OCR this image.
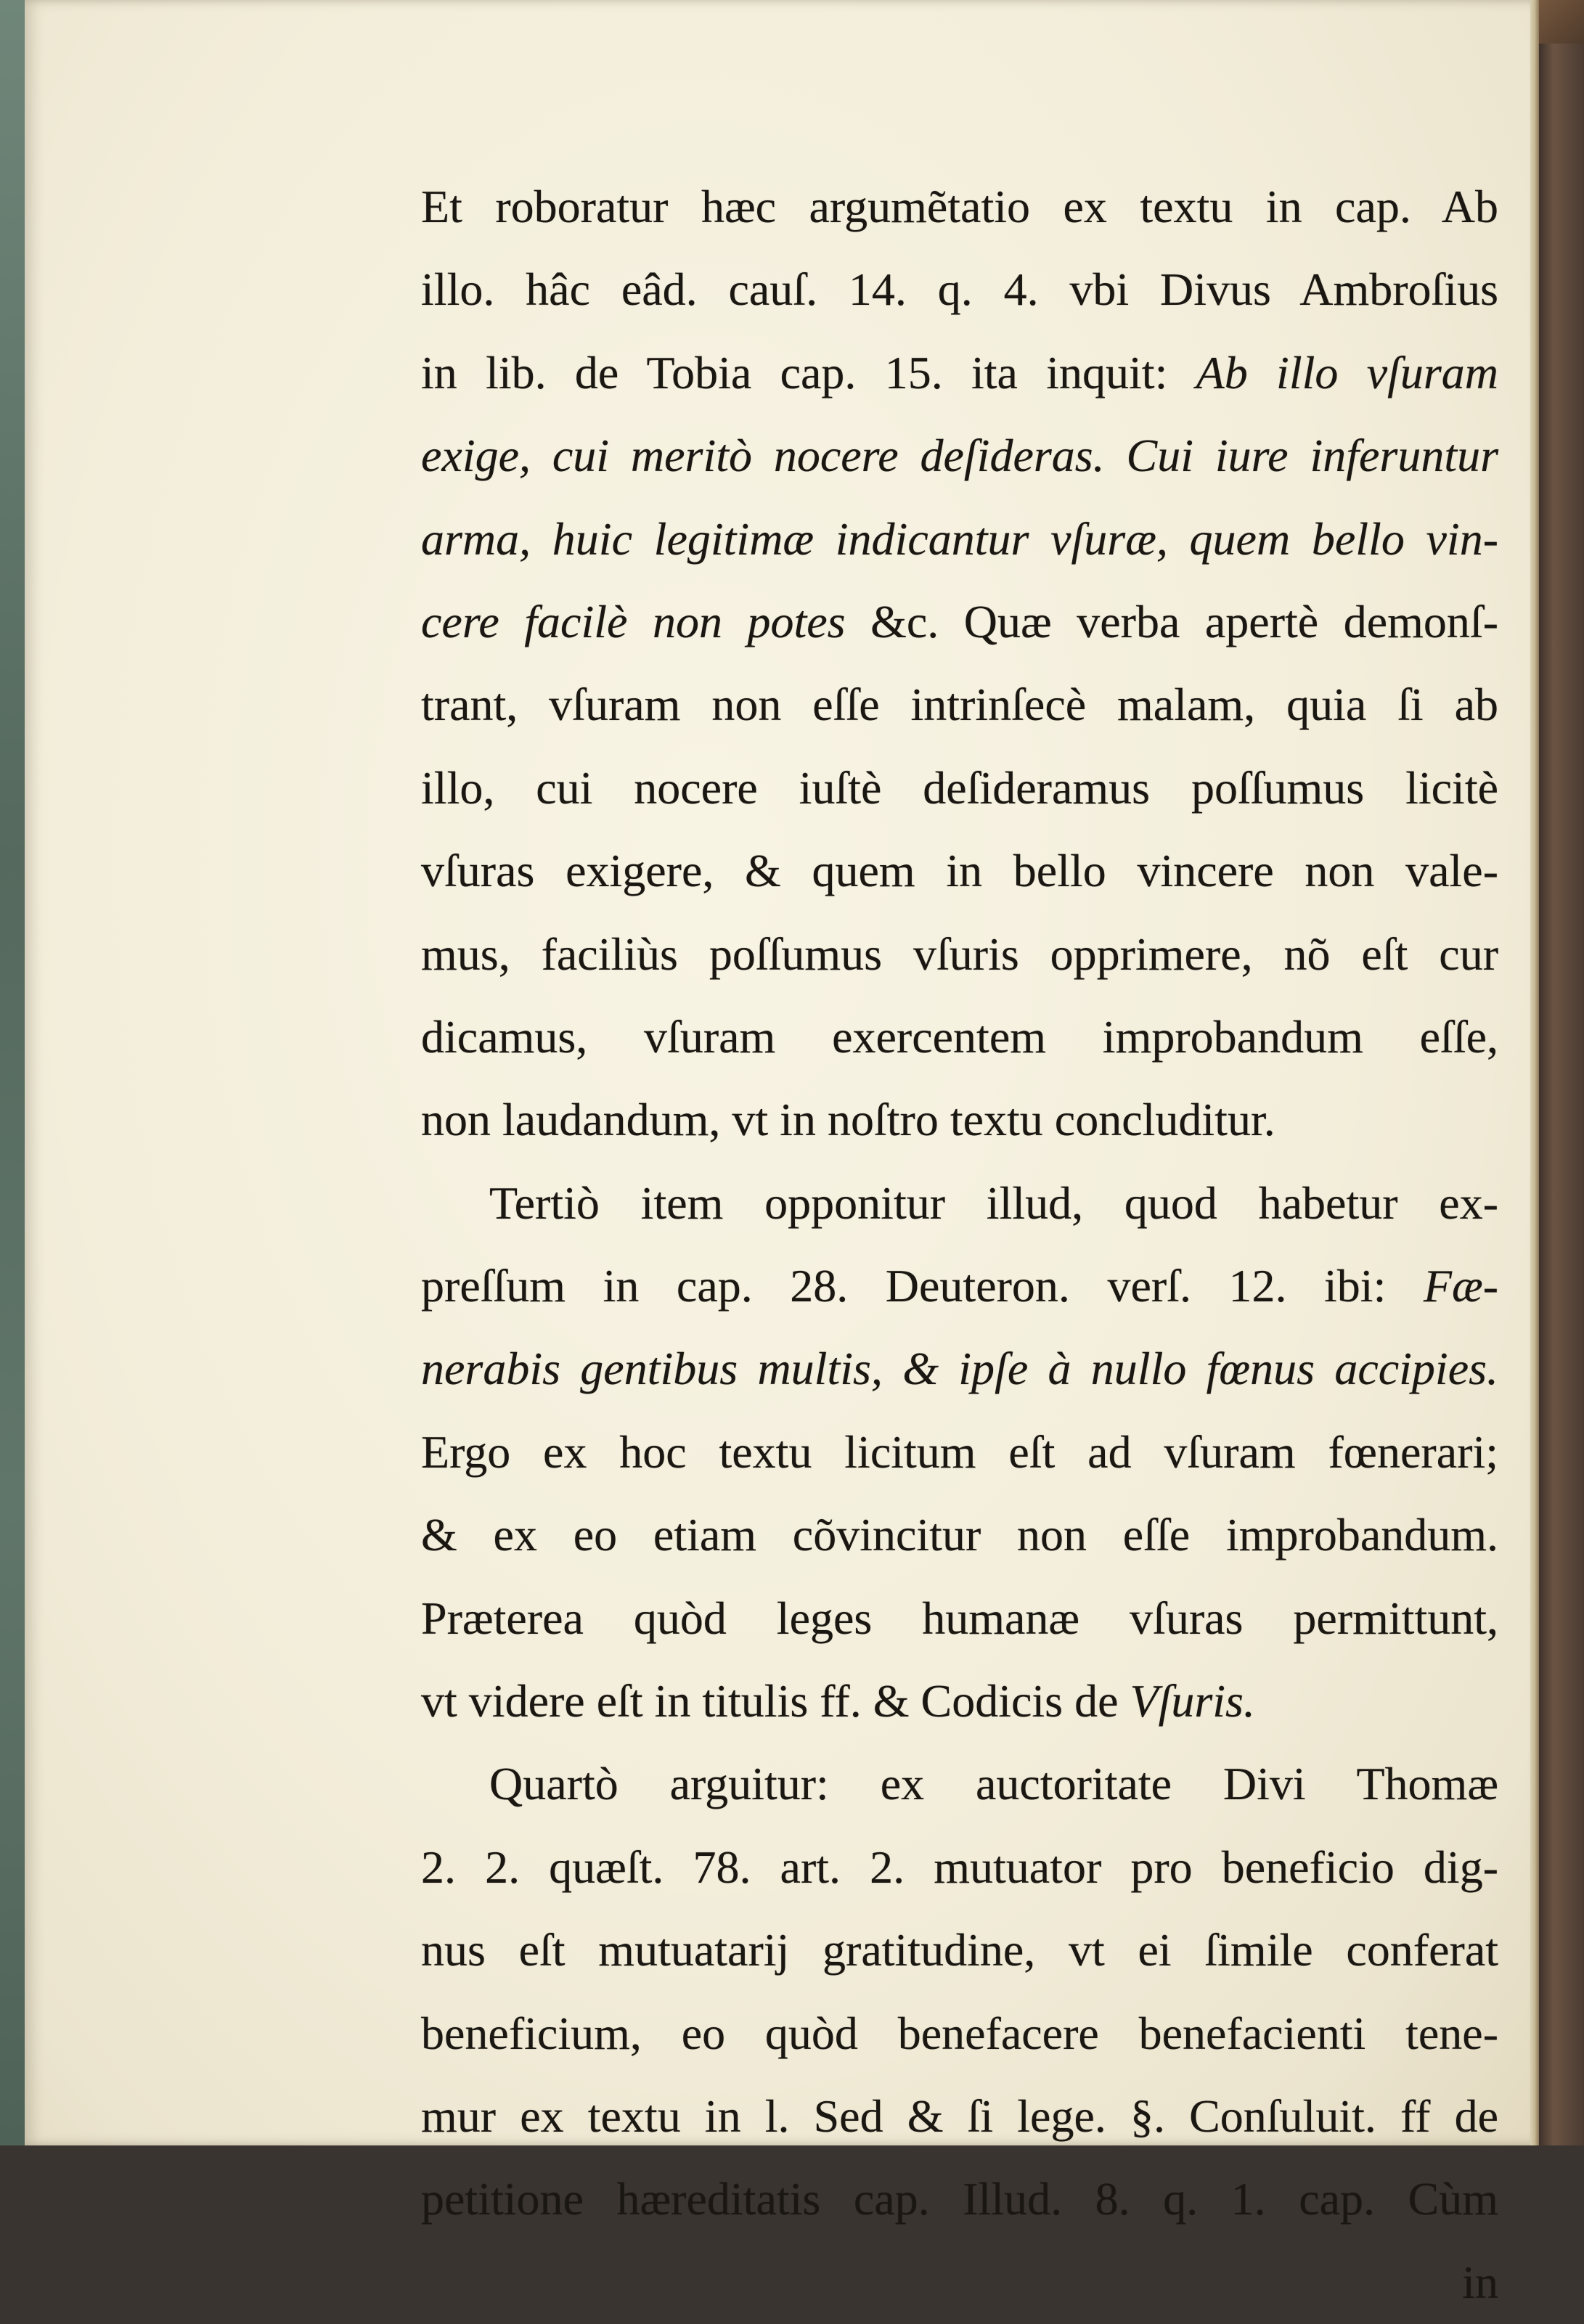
Et roboratur hæc argumẽtatio ex textu in cap. Ab
illo. hâc eâd. cauſ. 14. q. 4. vbi Divus Ambroſius
in lib. de Tobia cap. 15. ita inquit: Ab illo vſuram
exige, cui meritò nocere deſideras. Cui iure inferuntur
arma, huic legitimæ indicantur vſuræ, quem bello vin-
cere facilè non potes &c. Quæ verba apertè demonſ-
trant, vſuram non eſſe intrinſecè malam, quia ſi ab
illo, cui nocere iuſtè deſideramus poſſumus licitè
vſuras exigere, & quem in bello vincere non vale-
mus, faciliùs poſſumus vſuris opprimere, nõ eſt cur
dicamus, vſuram exercentem improbandum eſſe,
non laudandum, vt in noſtro textu concluditur.
Tertiò item opponitur illud, quod habetur ex-
preſſum in cap. 28. Deuteron. verſ. 12. ibi: Fæ-
nerabis gentibus multis, & ipſe à nullo fœnus accipies.
Ergo ex hoc textu licitum eſt ad vſuram fœnerari;
& ex eo etiam cõvincitur non eſſe improbandum.
Præterea quòd leges humanæ vſuras permittunt,
vt videre eſt in titulis ff. & Codicis de Vſuris.
Quartò arguitur: ex auctoritate Divi Thomæ
2. 2. quæſt. 78. art. 2. mutuator pro beneficio dig-
nus eſt mutuatarij gratitudine, vt ei ſimile conferat
beneficium, eo quòd benefacere benefacienti tene-
mur ex textu in l. Sed & ſi lege. §. Conſuluit. ff de
petitione hæreditatis cap. Illud. 8. q. 1. cap. Cùm
in
